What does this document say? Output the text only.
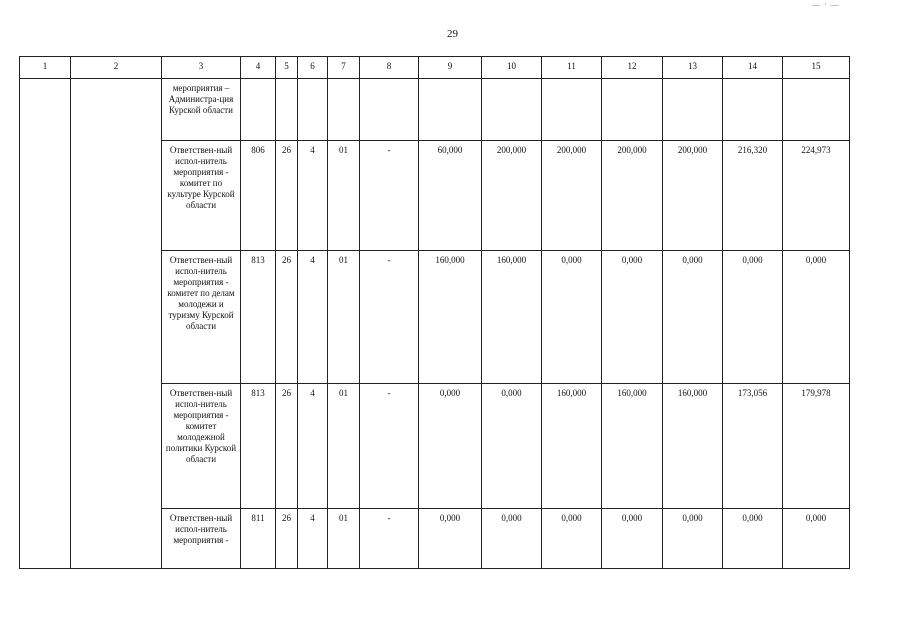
— · —
29
1	2	3	4	5	6	7	8	9	10	11	12	13	14	15
		мероприятия – Администра-ция Курской области												
		Ответствен-ный испол-нитель мероприятия - комитет по культуре Курской области	806	26	4	01	-	60,000	200,000	200,000	200,000	200,000	216,320	224,973
		Ответствен-ный испол-нитель мероприятия - комитет по делам молодежи и туризму Курской области	813	26	4	01	-	160,000	160,000	0,000	0,000	0,000	0,000	0,000
		Ответствен-ный испол-нитель мероприятия - комитет молодежной политики Курской области	813	26	4	01	-	0,000	0,000	160,000	160,000	160,000	173,056	179,978
		Ответствен-ный испол-нитель мероприятия -	811	26	4	01	-	0,000	0,000	0,000	0,000	0,000	0,000	0,000
